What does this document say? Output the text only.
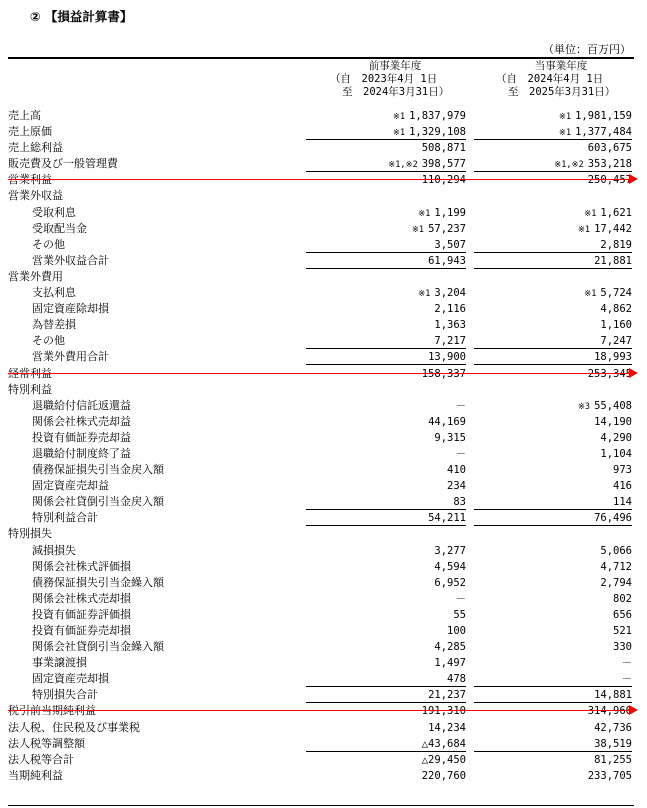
② 【損益計算書】
（単位：百万円）
前事業年度
（自　2023年4月 1日
至　2024年3月31日）
当事業年度
（自　2024年4月 1日
至　2025年3月31日）
売上高	※1 1,837,979	※1 1,981,159
売上原価	※1 1,329,108	※1 1,377,484
売上総利益	508,871	603,675
販売費及び一般管理費	※1,※2 398,577	※1,※2 353,218
営業利益	110,294	250,457
営業外収益
受取利息	※1 1,199	※1 1,621
受取配当金	※1 57,237	※1 17,442
その他	3,507	2,819
営業外収益合計	61,943	21,881
営業外費用
支払利息	※1 3,204	※1 5,724
固定資産除却損	2,116	4,862
為替差損	1,363	1,160
その他	7,217	7,247
営業外費用合計	13,900	18,993
経常利益	158,337	253,345
特別利益
退職給付信託返還益	－	※3 55,408
関係会社株式売却益	44,169	14,190
投資有価証券売却益	9,315	4,290
退職給付制度終了益	－	1,104
債務保証損失引当金戻入額	410	973
固定資産売却益	234	416
関係会社貸倒引当金戻入額	83	114
特別利益合計	54,211	76,496
特別損失
減損損失	3,277	5,066
関係会社株式評価損	4,594	4,712
債務保証損失引当金繰入額	6,952	2,794
関係会社株式売却損	－	802
投資有価証券評価損	55	656
投資有価証券売却損	100	521
関係会社貸倒引当金繰入額	4,285	330
事業譲渡損	1,497	－
固定資産売却損	478	－
特別損失合計	21,237	14,881
税引前当期純利益	191,310	314,960
法人税、住民税及び事業税	14,234	42,736
法人税等調整額	△43,684	38,519
法人税等合計	△29,450	81,255
当期純利益	220,760	233,705
